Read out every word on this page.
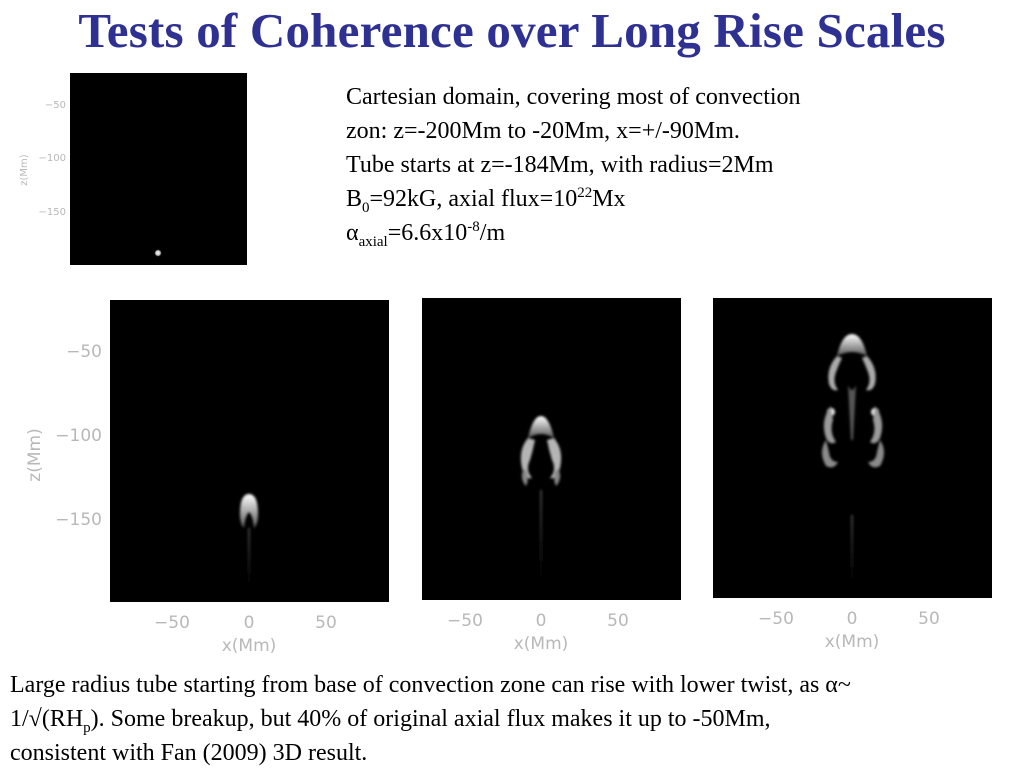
Tests of Coherence over Long Rise Scales
Cartesian domain, covering most of convection
zon: z=-200Mm to -20Mm, x=+/-90Mm.
Tube starts at z=-184Mm, with radius=2Mm
$B_0=92kG$, axial $flux=10^{22}Mx$
$\alpha_{axial}=6.6x10^{-8}/m$
−50
−100
−150
z(Mm)
−50
−100
−150
z(Mm)
−50	0	50
x(Mm)
−50	0	50
x(Mm)
−50	0	50
x(Mm)
Large radius tube starting from base of convection zone can rise with lower twist, as α~
$1/√(RH_p)$. Some breakup, but 40% of original axial flux makes it up to -50Mm,
consistent with Fan (2009) 3D result.
